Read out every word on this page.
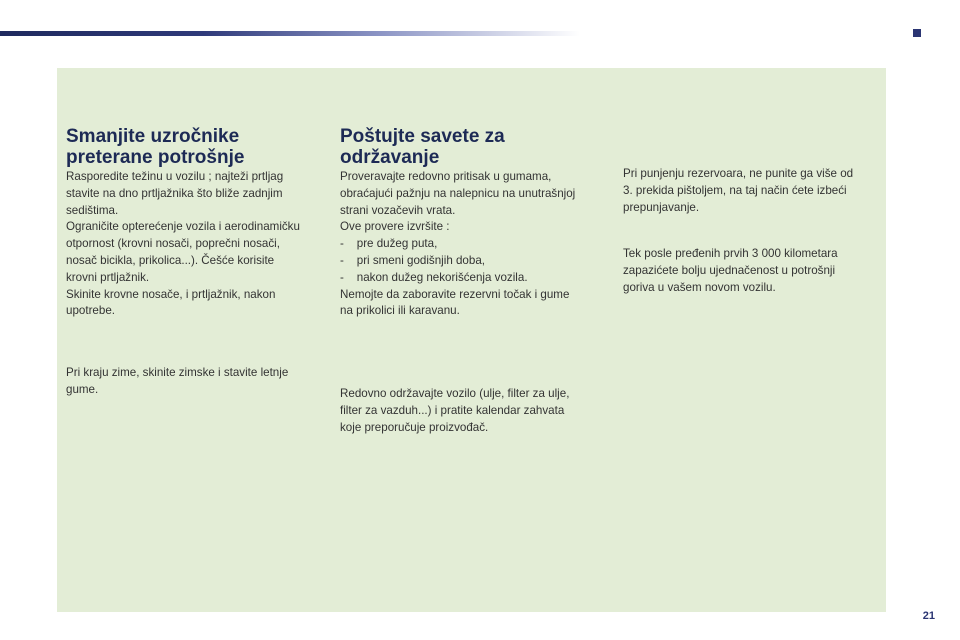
Smanjite uzročnike
preterane potrošnje
Rasporedite težinu u vozilu ; najteži prtljag
stavite na dno prtljažnika što bliže zadnjim
sedištima.
Ograničite opterećenje vozila i aerodinamičku
otpornost (krovni nosači, poprečni nosači,
nosač bicikla, prikolica...). Češće korisite
krovni prtljažnik.
Skinite krovne nosače, i prtljažnik, nakon
upotrebe.
Pri kraju zime, skinite zimske i stavite letnje
gume.
Poštujte savete za
održavanje
Proveravajte redovno pritisak u gumama,
obraćajući pažnju na nalepnicu na unutrašnjoj
strani vozačevih vrata.
Ove provere izvršite :
-    pre dužeg puta,
-    pri smeni godišnjih doba,
-    nakon dužeg nekorišćenja vozila.
Nemojte da zaboravite rezervni točak i gume
na prikolici ili karavanu.
Redovno održavajte vozilo (ulje, filter za ulje,
filter za vazduh...) i pratite kalendar zahvata
koje preporučuje proizvođač.
Pri punjenju rezervoara, ne punite ga više od
3. prekida pištoljem, na taj način ćete izbeći
prepunjavanje.
Tek posle pređenih prvih 3 000 kilometara
zapazićete bolju ujednačenost u potrošnji
goriva u vašem novom vozilu.
21
